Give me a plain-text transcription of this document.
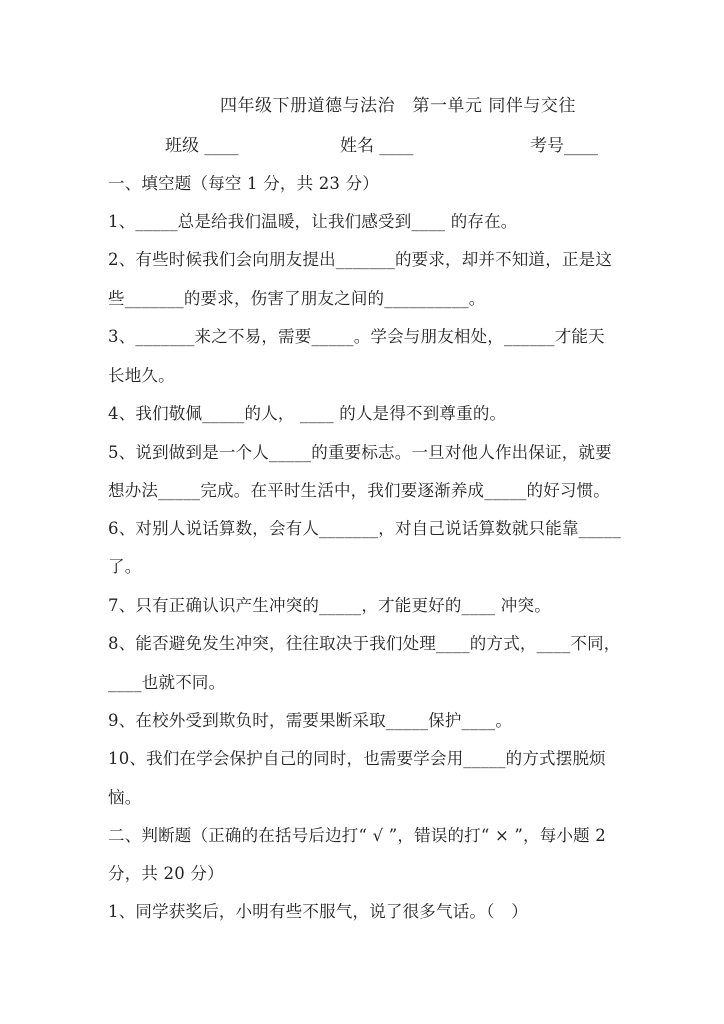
四年级下册道德与法治　第一单元 同伴与交往
班级 ____	姓名 ____	考号____
一、填空题（每空 1 分，共 23 分）
1、_____总是给我们温暖，让我们感受到____ 的存在。
2、有些时候我们会向朋友提出_______的要求，却并不知道，正是这
些_______的要求，伤害了朋友之间的__________。
3、_______来之不易，需要_____。学会与朋友相处，______才能天
长地久。
4、我们敬佩_____的人， ____ 的人是得不到尊重的。
5、说到做到是一个人_____的重要标志。一旦对他人作出保证，就要
想办法_____完成。在平时生活中，我们要逐渐养成_____的好习惯。
6、对别人说话算数，会有人_______，对自己说话算数就只能靠_____
了。
7、只有正确认识产生冲突的_____，才能更好的____ 冲突。
8、能否避免发生冲突，往往取决于我们处理____的方式，____不同，
____也就不同。
9、在校外受到欺负时，需要果断采取_____保护____。
10、我们在学会保护自己的同时，也需要学会用_____的方式摆脱烦
恼。
二、判断题（正确的在括号后边打“ √ ”，错误的打“ × ”，每小题 2
分，共 20 分）
1、同学获奖后，小明有些不服气，说了很多气话。（　）
